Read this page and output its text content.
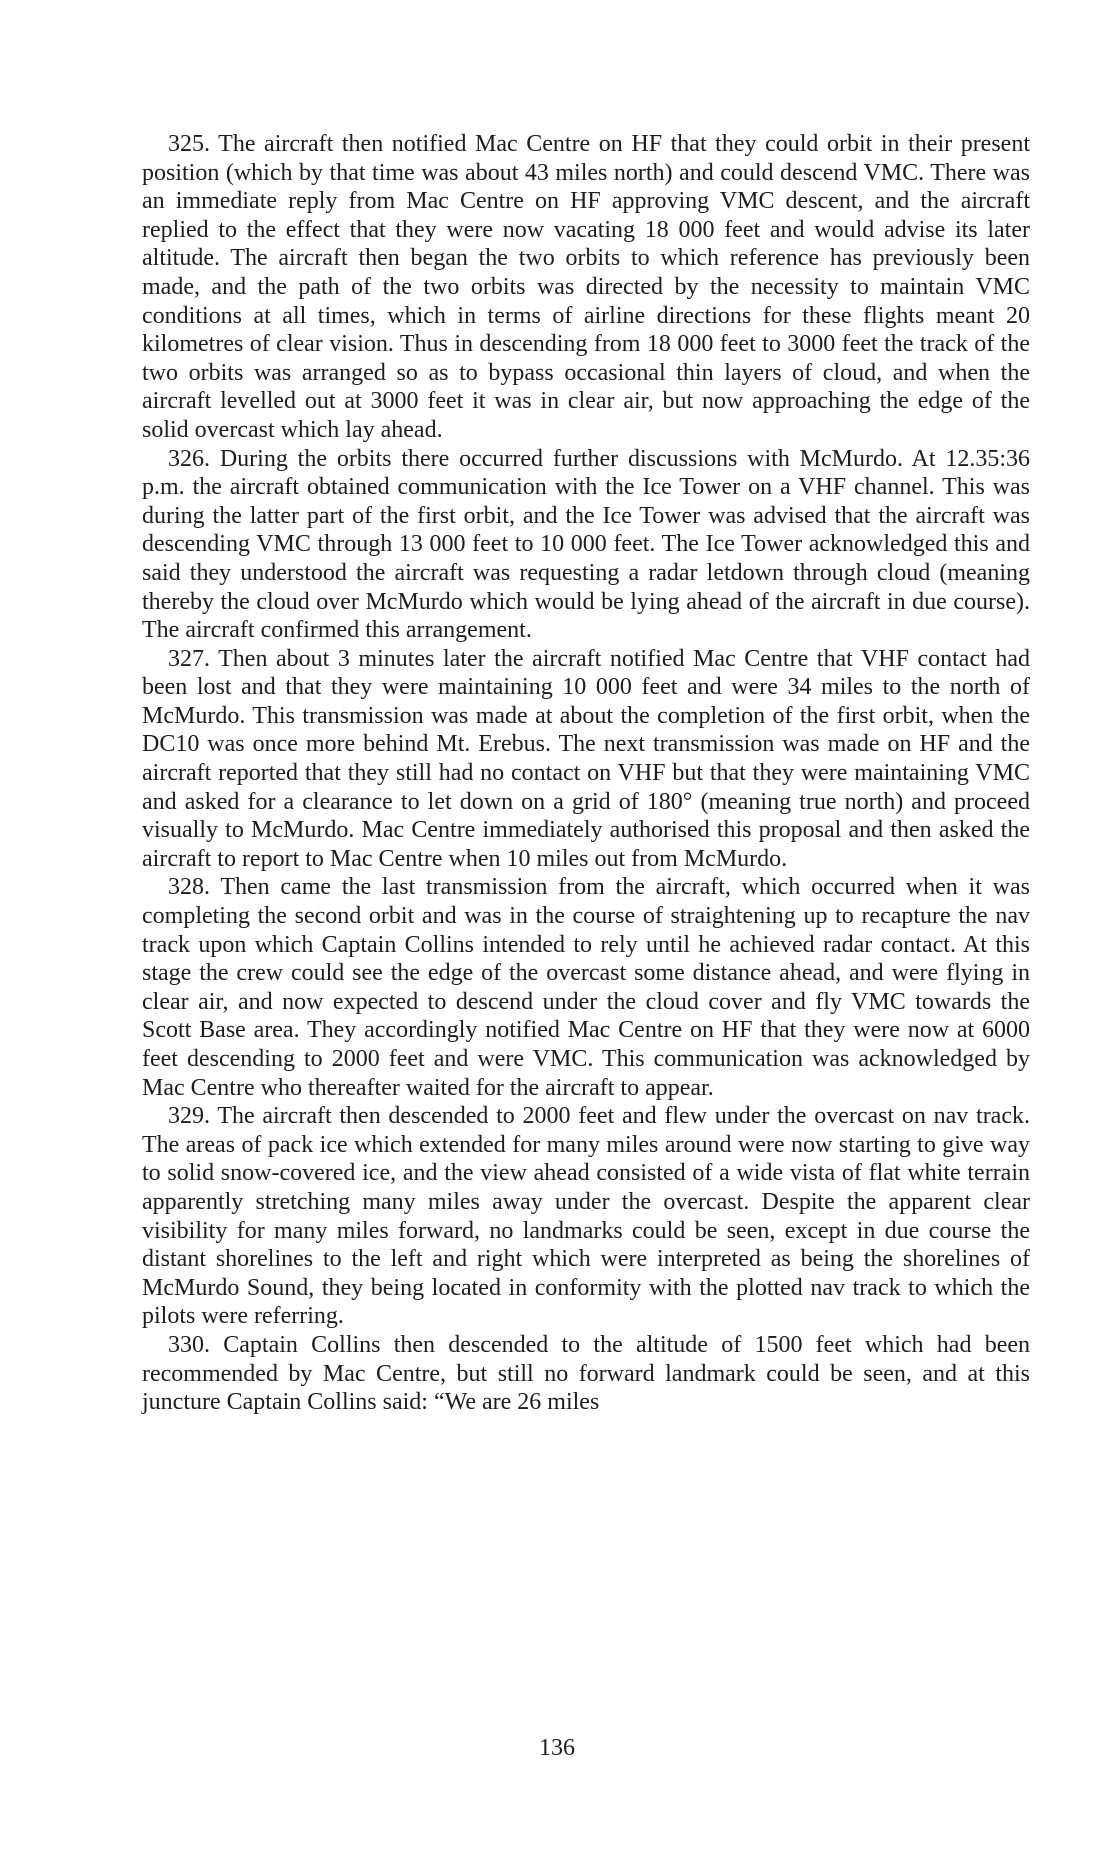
325. The aircraft then notified Mac Centre on HF that they could orbit in their present position (which by that time was about 43 miles north) and could descend VMC. There was an immediate reply from Mac Centre on HF approving VMC descent, and the aircraft replied to the effect that they were now vacating 18 000 feet and would advise its later altitude. The aircraft then began the two orbits to which reference has previously been made, and the path of the two orbits was directed by the necessity to maintain VMC conditions at all times, which in terms of airline directions for these flights meant 20 kilometres of clear vision. Thus in descending from 18 000 feet to 3000 feet the track of the two orbits was arranged so as to bypass occasional thin layers of cloud, and when the aircraft levelled out at 3000 feet it was in clear air, but now approaching the edge of the solid overcast which lay ahead.

326. During the orbits there occurred further discussions with McMurdo. At 12.35:36 p.m. the aircraft obtained communication with the Ice Tower on a VHF channel. This was during the latter part of the first orbit, and the Ice Tower was advised that the aircraft was descending VMC through 13 000 feet to 10 000 feet. The Ice Tower acknowledged this and said they understood the aircraft was requesting a radar letdown through cloud (meaning thereby the cloud over McMurdo which would be lying ahead of the aircraft in due course). The aircraft confirmed this arrangement.

327. Then about 3 minutes later the aircraft notified Mac Centre that VHF contact had been lost and that they were maintaining 10 000 feet and were 34 miles to the north of McMurdo. This transmission was made at about the completion of the first orbit, when the DC10 was once more behind Mt. Erebus. The next transmission was made on HF and the aircraft reported that they still had no contact on VHF but that they were maintaining VMC and asked for a clearance to let down on a grid of 180° (meaning true north) and proceed visually to McMurdo. Mac Centre immediately authorised this proposal and then asked the aircraft to report to Mac Centre when 10 miles out from McMurdo.

328. Then came the last transmission from the aircraft, which occurred when it was completing the second orbit and was in the course of straightening up to recapture the nav track upon which Captain Collins intended to rely until he achieved radar contact. At this stage the crew could see the edge of the overcast some distance ahead, and were flying in clear air, and now expected to descend under the cloud cover and fly VMC towards the Scott Base area. They accordingly notified Mac Centre on HF that they were now at 6000 feet descending to 2000 feet and were VMC. This communication was acknowledged by Mac Centre who thereafter waited for the aircraft to appear.

329. The aircraft then descended to 2000 feet and flew under the overcast on nav track. The areas of pack ice which extended for many miles around were now starting to give way to solid snow-covered ice, and the view ahead consisted of a wide vista of flat white terrain apparently stretching many miles away under the overcast. Despite the apparent clear visibility for many miles forward, no landmarks could be seen, except in due course the distant shorelines to the left and right which were interpreted as being the shorelines of McMurdo Sound, they being located in conformity with the plotted nav track to which the pilots were referring.

330. Captain Collins then descended to the altitude of 1500 feet which had been recommended by Mac Centre, but still no forward landmark could be seen, and at this juncture Captain Collins said: “We are 26 miles

136
